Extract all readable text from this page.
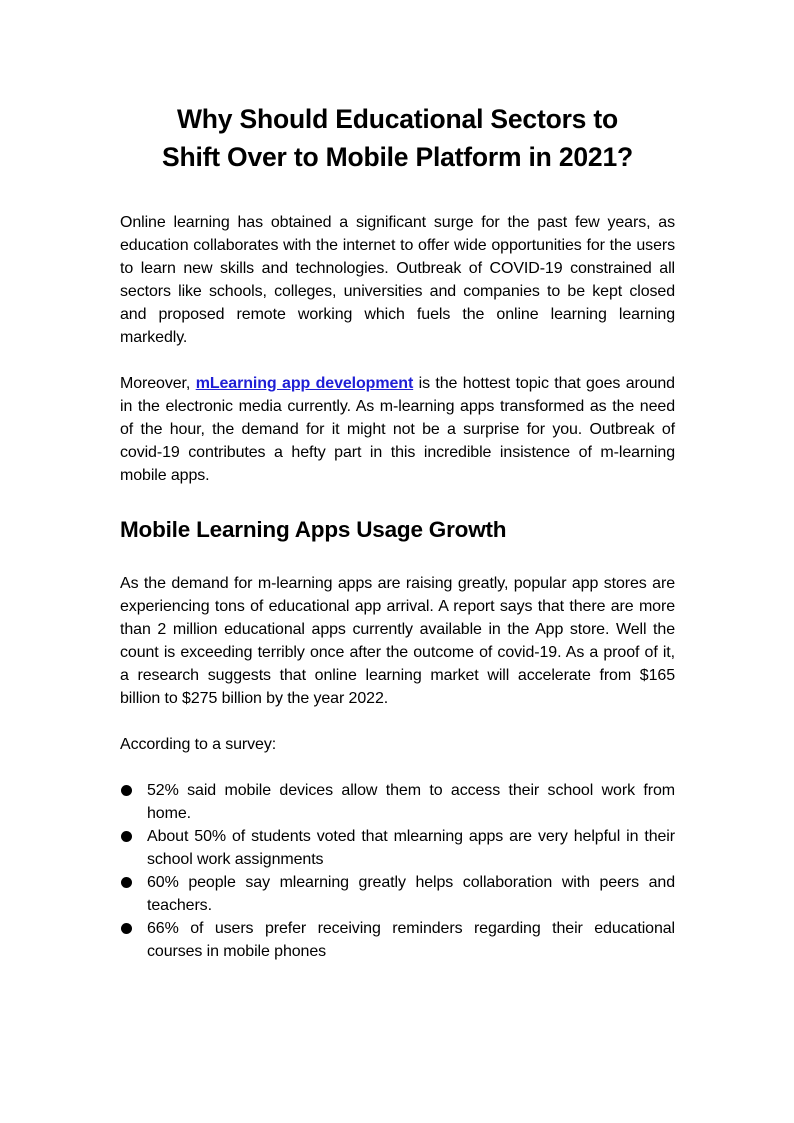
Why Should Educational Sectors to
Shift Over to Mobile Platform in 2021?

Online learning has obtained a significant surge for the past few years, as education collaborates with the internet to offer wide opportunities for the users to learn new skills and technologies. Outbreak of COVID-19 constrained all sectors like schools, colleges, universities and companies to be kept closed and proposed remote working which fuels the online learning learning markedly.

Moreover, mLearning app development is the hottest topic that goes around in the electronic media currently. As m-learning apps transformed as the need of the hour, the demand for it might not be a surprise for you. Outbreak of covid-19 contributes a hefty part in this incredible insistence of m-learning mobile apps.

Mobile Learning Apps Usage Growth

As the demand for m-learning apps are raising greatly, popular app stores are experiencing tons of educational app arrival. A report says that there are more than 2 million educational apps currently available in the App store. Well the count is exceeding terribly once after the outcome of covid-19. As a proof of it, a research suggests that online learning market will accelerate from $165 billion to $275 billion by the year 2022.

According to a survey:

52% said mobile devices allow them to access their school work from home.
About 50% of students voted that mlearning apps are very helpful in their school work assignments
60% people say mlearning greatly helps collaboration with peers and teachers.
66% of users prefer receiving reminders regarding their educational courses in mobile phones
